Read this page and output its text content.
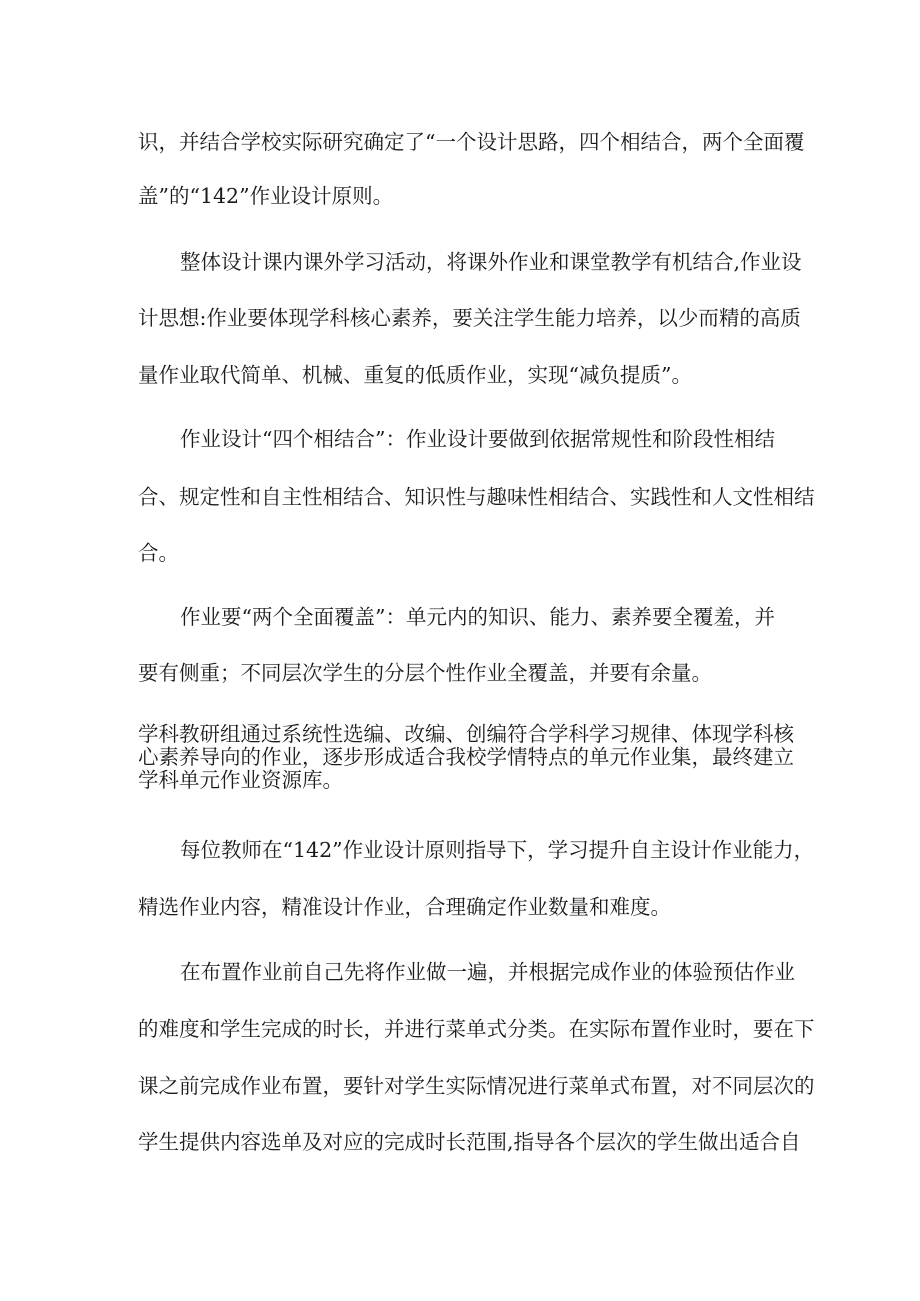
识，并结合学校实际研究确定了“一个设计思路，四个相结合，两个全面覆
盖”的“142”作业设计原则。
整体设计课内课外学习活动，将课外作业和课堂教学有机结合,作业设
计思想:作业要体现学科核心素养，要关注学生能力培养，以少而精的高质
量作业取代简单、机械、重复的低质作业，实现“减负提质”。
作业设计“四个相结合”：作业设计要做到依据常规性和阶段性相结
合、规定性和自主性相结合、知识性与趣味性相结合、实践性和人文性相结
合。
作业要“两个全面覆盖”：单元内的知识、能力、素养要全覆羞，并
要有侧重；不同层次学生的分层个性作业全覆盖，并要有余量。
学科教研组通过系统性选编、改编、创编符合学科学习规律、体现学科核
心素养导向的作业，逐步形成适合我校学情特点的单元作业集，最终建立
学科单元作业资源库。
每位教师在“142”作业设计原则指导下，学习提升自主设计作业能力，
精选作业内容，精准设计作业，合理确定作业数量和难度。
在布置作业前自己先将作业做一遍，并根据完成作业的体验预估作业
的难度和学生完成的时长，并进行菜单式分类。在实际布置作业时，要在下
课之前完成作业布置，要针对学生实际情况进行菜单式布置，对不同层次的
学生提供内容选单及对应的完成时长范围,指导各个层次的学生做出适合自
